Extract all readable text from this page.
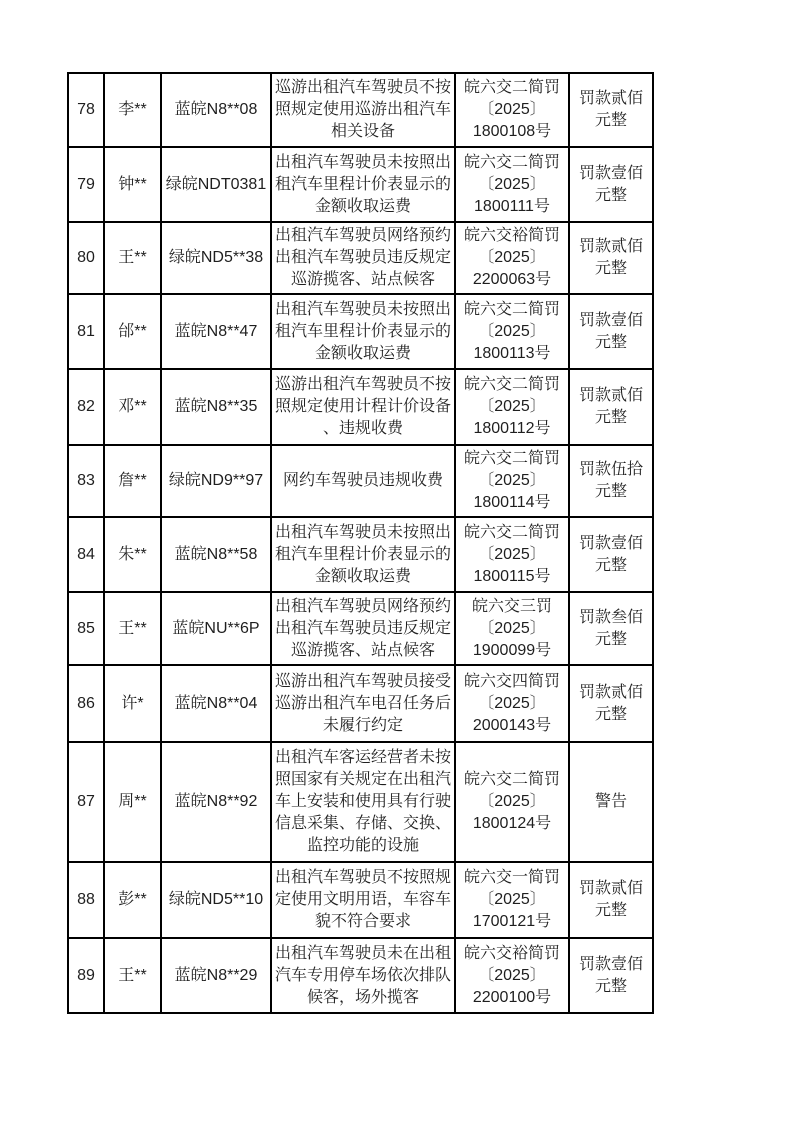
78	李**	蓝皖N8**08	巡游出租汽车驾驶员不按照规定使用巡游出租汽车相关设备	皖六交二简罚〔2025〕1800108号	罚款贰佰元整
79	钟**	绿皖NDT0381	出租汽车驾驶员未按照出租汽车里程计价表显示的金额收取运费	皖六交二简罚〔2025〕1800111号	罚款壹佰元整
80	王**	绿皖ND5**38	出租汽车驾驶员网络预约出租汽车驾驶员违反规定巡游揽客、站点候客	皖六交裕简罚〔2025〕2200063号	罚款贰佰元整
81	邰**	蓝皖N8**47	出租汽车驾驶员未按照出租汽车里程计价表显示的金额收取运费	皖六交二简罚〔2025〕1800113号	罚款壹佰元整
82	邓**	蓝皖N8**35	巡游出租汽车驾驶员不按照规定使用计程计价设备、违规收费	皖六交二简罚〔2025〕1800112号	罚款贰佰元整
83	詹**	绿皖ND9**97	网约车驾驶员违规收费	皖六交二简罚〔2025〕1800114号	罚款伍拾元整
84	朱**	蓝皖N8**58	出租汽车驾驶员未按照出租汽车里程计价表显示的金额收取运费	皖六交二简罚〔2025〕1800115号	罚款壹佰元整
85	王**	蓝皖NU**6P	出租汽车驾驶员网络预约出租汽车驾驶员违反规定巡游揽客、站点候客	皖六交三罚〔2025〕1900099号	罚款叁佰元整
86	许*	蓝皖N8**04	巡游出租汽车驾驶员接受巡游出租汽车电召任务后未履行约定	皖六交四简罚〔2025〕2000143号	罚款贰佰元整
87	周**	蓝皖N8**92	出租汽车客运经营者未按照国家有关规定在出租汽车上安装和使用具有行驶信息采集、存储、交换、监控功能的设施	皖六交二简罚〔2025〕1800124号	警告
88	彭**	绿皖ND5**10	出租汽车驾驶员不按照规定使用文明用语，车容车貌不符合要求	皖六交一简罚〔2025〕1700121号	罚款贰佰元整
89	王**	蓝皖N8**29	出租汽车驾驶员未在出租汽车专用停车场依次排队候客，场外揽客	皖六交裕简罚〔2025〕2200100号	罚款壹佰元整
